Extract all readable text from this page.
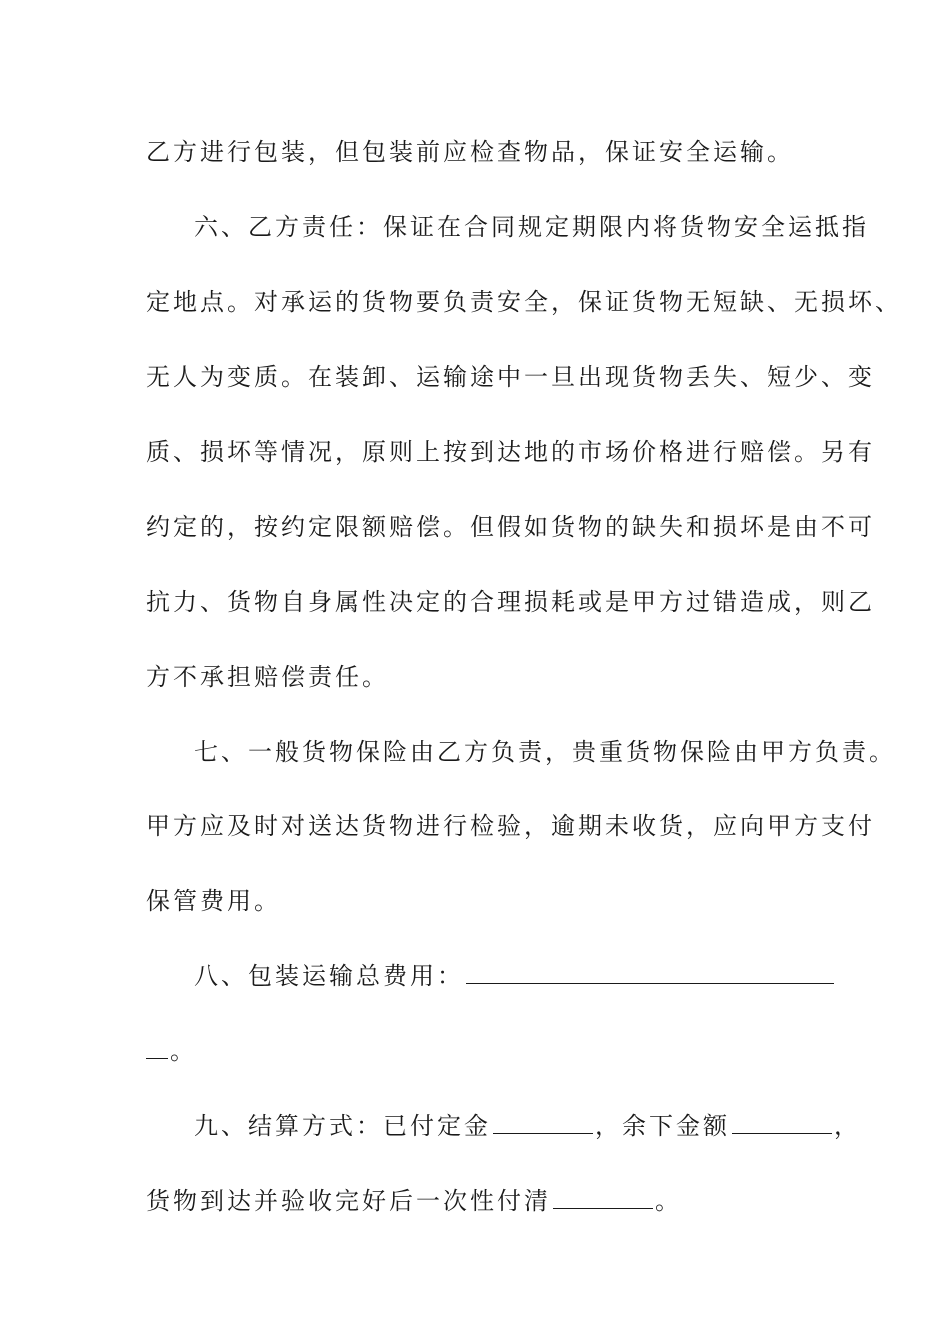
乙方进行包装，但包装前应检查物品，保证安全运输。
六、乙方责任：保证在合同规定期限内将货物安全运抵指
定地点。对承运的货物要负责安全，保证货物无短缺、无损坏、
无人为变质。在装卸、运输途中一旦出现货物丢失、短少、变
质、损坏等情况，原则上按到达地的市场价格进行赔偿。另有
约定的，按约定限额赔偿。但假如货物的缺失和损坏是由不可
抗力、货物自身属性决定的合理损耗或是甲方过错造成，则乙
方不承担赔偿责任。
七、一般货物保险由乙方负责，贵重货物保险由甲方负责。
甲方应及时对送达货物进行检验，逾期未收货，应向甲方支付
保管费用。
八、包装运输总费用：
。
九、结算方式：已付定金	，余下金额	，
货物到达并验收完好后一次性付清	。
